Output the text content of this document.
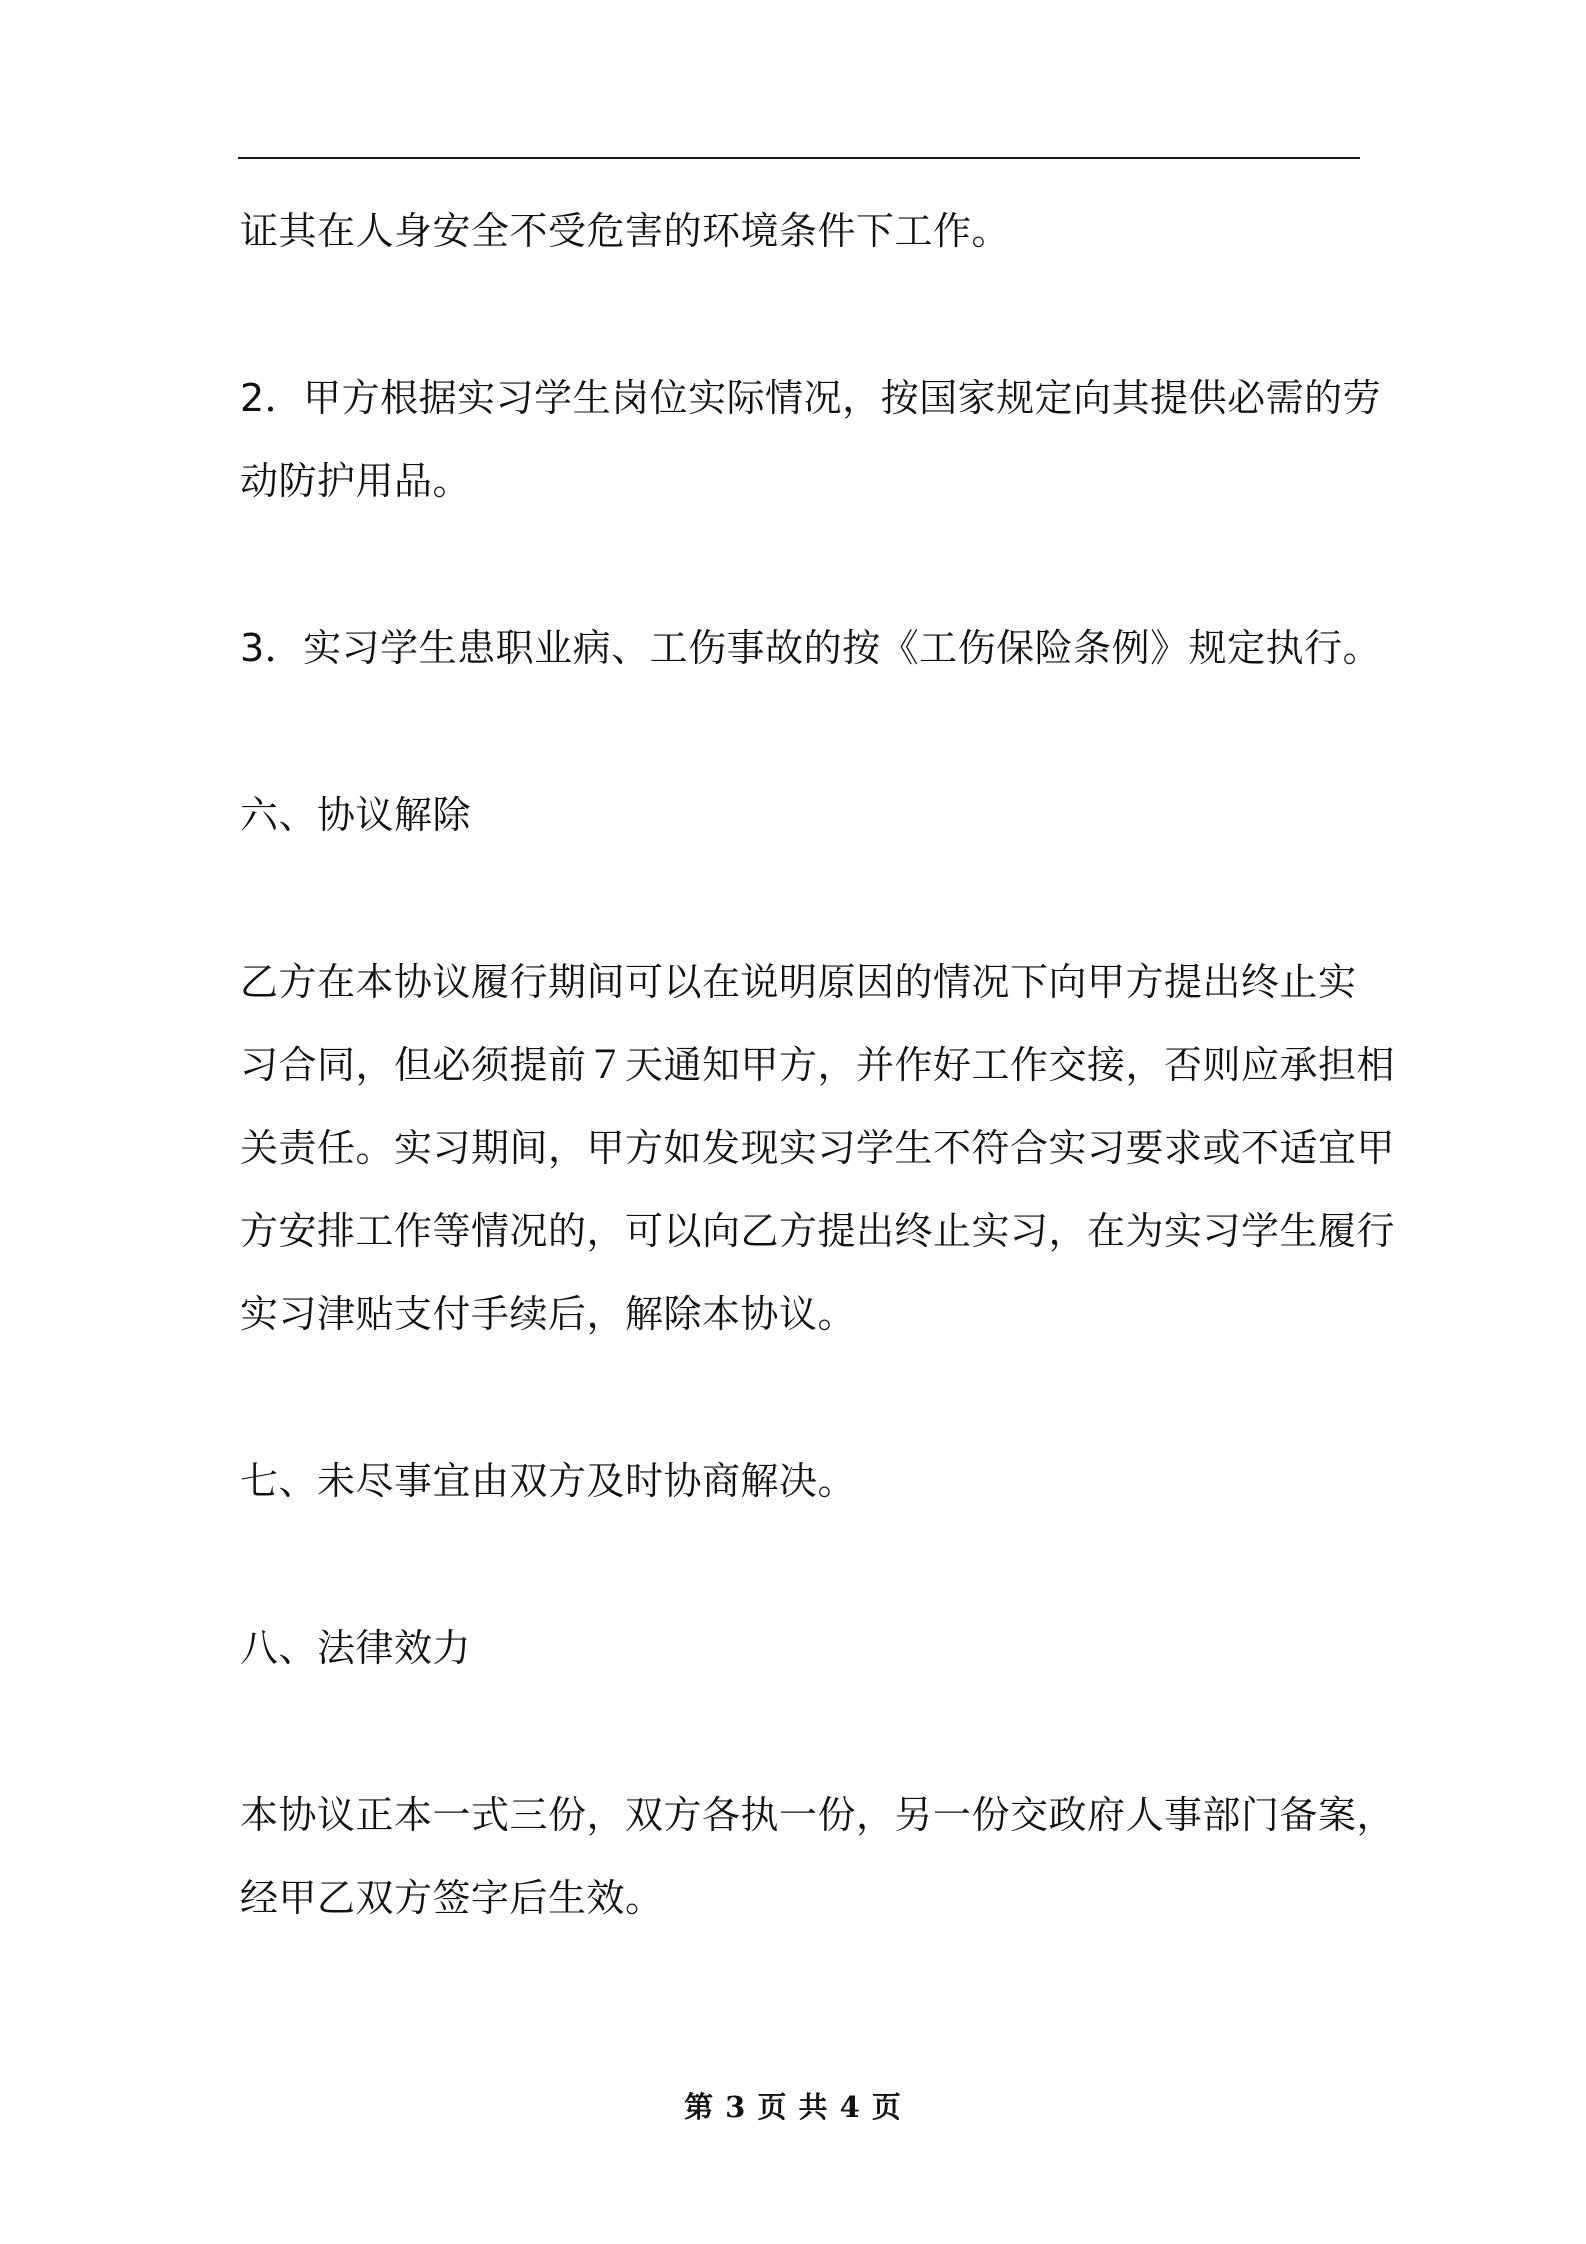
证其在人身安全不受危害的环境条件下工作。

2．甲方根据实习学生岗位实际情况，按国家规定向其提供必需的劳
动防护用品。

3．实习学生患职业病、工伤事故的按《工伤保险条例》规定执行。

六、协议解除

乙方在本协议履行期间可以在说明原因的情况下向甲方提出终止实
习合同，但必须提前７天通知甲方，并作好工作交接，否则应承担相
关责任。实习期间，甲方如发现实习学生不符合实习要求或不适宜甲
方安排工作等情况的，可以向乙方提出终止实习，在为实习学生履行
实习津贴支付手续后，解除本协议。

七、未尽事宜由双方及时协商解决。

八、法律效力

本协议正本一式三份，双方各执一份，另一份交政府人事部门备案，
经甲乙双方签字后生效。

第 3 页 共 4 页
